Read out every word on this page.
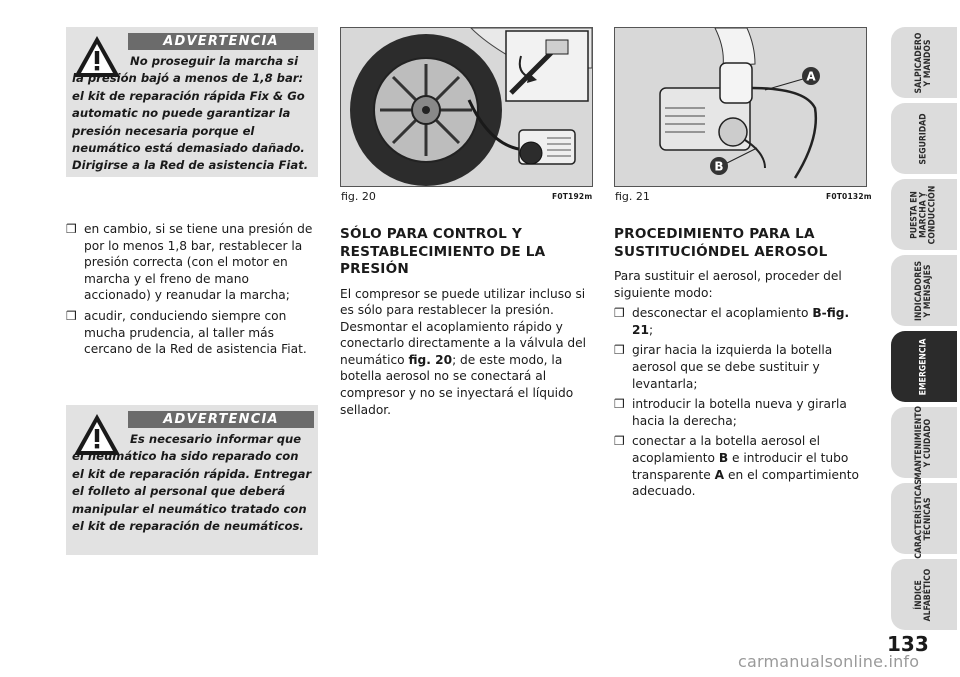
ADVERTENCIA

No proseguir la marcha si la presión bajó a menos de 1,8 bar: el kit de reparación rápida Fix & Go automatic no puede garantizar la presión necesaria porque el neumático está demasiado dañado. Dirigirse a la Red de asistencia Fiat.

❒ en cambio, si se tiene una presión de por lo menos 1,8 bar, restablecer la presión correcta (con el motor en marcha y el freno de mano accionado) y reanudar la marcha;
❒ acudir, conduciendo siempre con mucha prudencia, al taller más cercano de la Red de asistencia Fiat.
ADVERTENCIA

Es necesario informar que el neumático ha sido reparado con el kit de reparación rápida. Entregar el folleto al personal que deberá manipular el neumático tratado con el kit de reparación de neumáticos.

fig. 20	F0T192m
A
B
fig. 21	F0T0132m
SÓLO PARA CONTROL Y RESTABLECIMIENTO DE LA PRESIÓN

El compresor se puede utilizar incluso si es sólo para restablecer la presión. Desmontar el acoplamiento rápido y conectarlo directamente a la válvula del neumático fig. 20; de este modo, la botella aerosol no se conectará al compresor y no se inyectará el líquido sellador.

PROCEDIMIENTO PARA LA SUSTITUCIÓNDEL AEROSOL

Para sustituir el aerosol, proceder del siguiente modo:

❒ desconectar el acoplamiento B-fig. 21;
❒ girar hacia la izquierda la botella aerosol que se debe sustituir y levantarla;
❒ introducir la botella nueva y girarla hacia la derecha;
❒ conectar a la botella aerosol el acoplamiento B e introducir el tubo transparente A en el compartimiento adecuado.
SALPICADERO
Y MANDOS
SEGURIDAD
PUESTA EN
MARCHA Y
CONDUCCIÓN
INDICADORES
Y MENSAJES
EMERGENCIA
MANTENIMIENTO
Y CUIDADO
CARACTERÍSTICAS
TÉCNICAS
ÍNDICE
ALFABÉTICO
133
carmanualsonline.info
